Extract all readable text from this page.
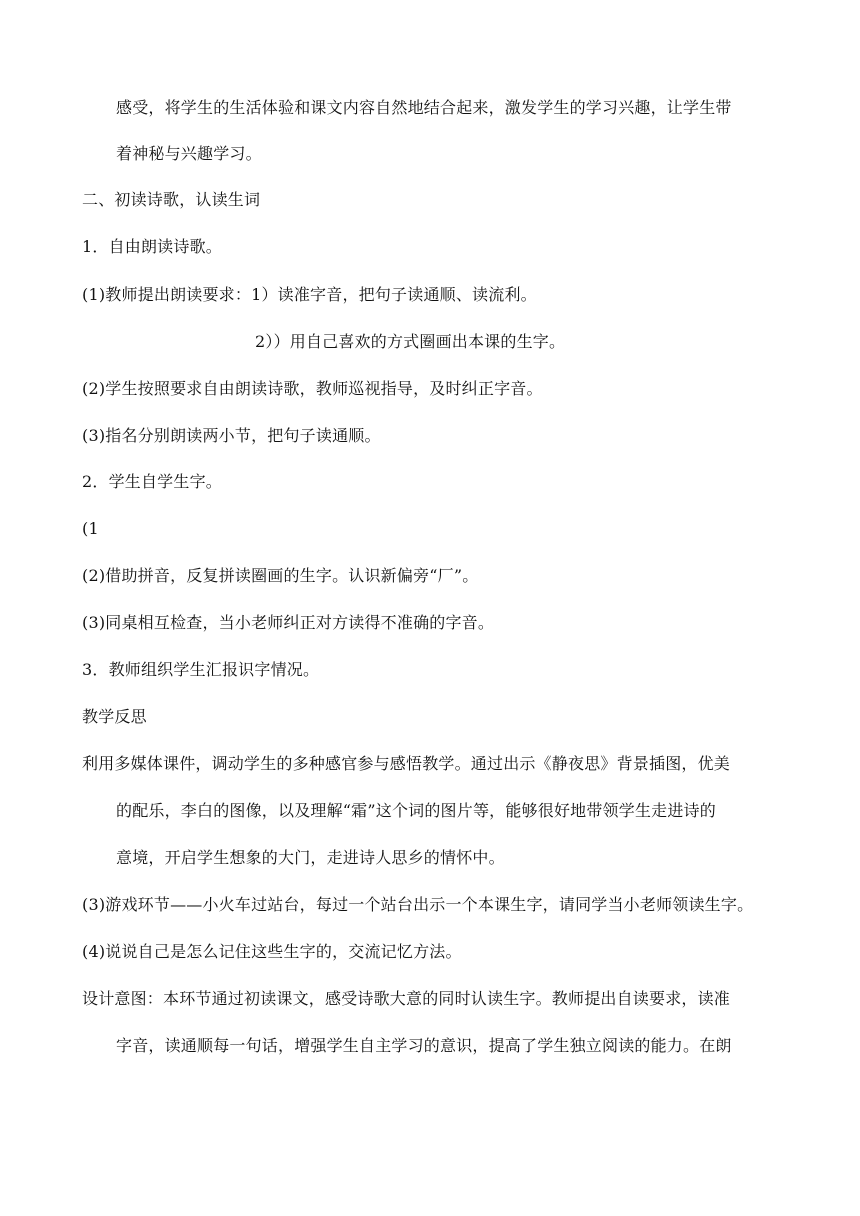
感受，将学生的生活体验和课文内容自然地结合起来，激发学生的学习兴趣，让学生带
着神秘与兴趣学习。
二、初读诗歌，认读生词
1．自由朗读诗歌。
(1)教师提出朗读要求：1）读准字音，把句子读通顺、读流利。
2））用自己喜欢的方式圈画出本课的生字。
(2)学生按照要求自由朗读诗歌，教师巡视指导，及时纠正字音。
(3)指名分别朗读两小节，把句子读通顺。
2．学生自学生字。
(1
(2)借助拼音，反复拼读圈画的生字。认识新偏旁“厂”。
(3)同桌相互检查，当小老师纠正对方读得不准确的字音。
3．教师组织学生汇报识字情况。
教学反思
利用多媒体课件，调动学生的多种感官参与感悟教学。通过出示《静夜思》背景插图，优美
的配乐，李白的图像，以及理解“霜”这个词的图片等，能够很好地带领学生走进诗的
意境，开启学生想象的大门，走进诗人思乡的情怀中。
(3)游戏环节——小火车过站台，每过一个站台出示一个本课生字，请同学当小老师领读生字。
(4)说说自己是怎么记住这些生字的，交流记忆方法。
设计意图：本环节通过初读课文，感受诗歌大意的同时认读生字。教师提出自读要求，读准
字音，读通顺每一句话，增强学生自主学习的意识，提高了学生独立阅读的能力。在朗
